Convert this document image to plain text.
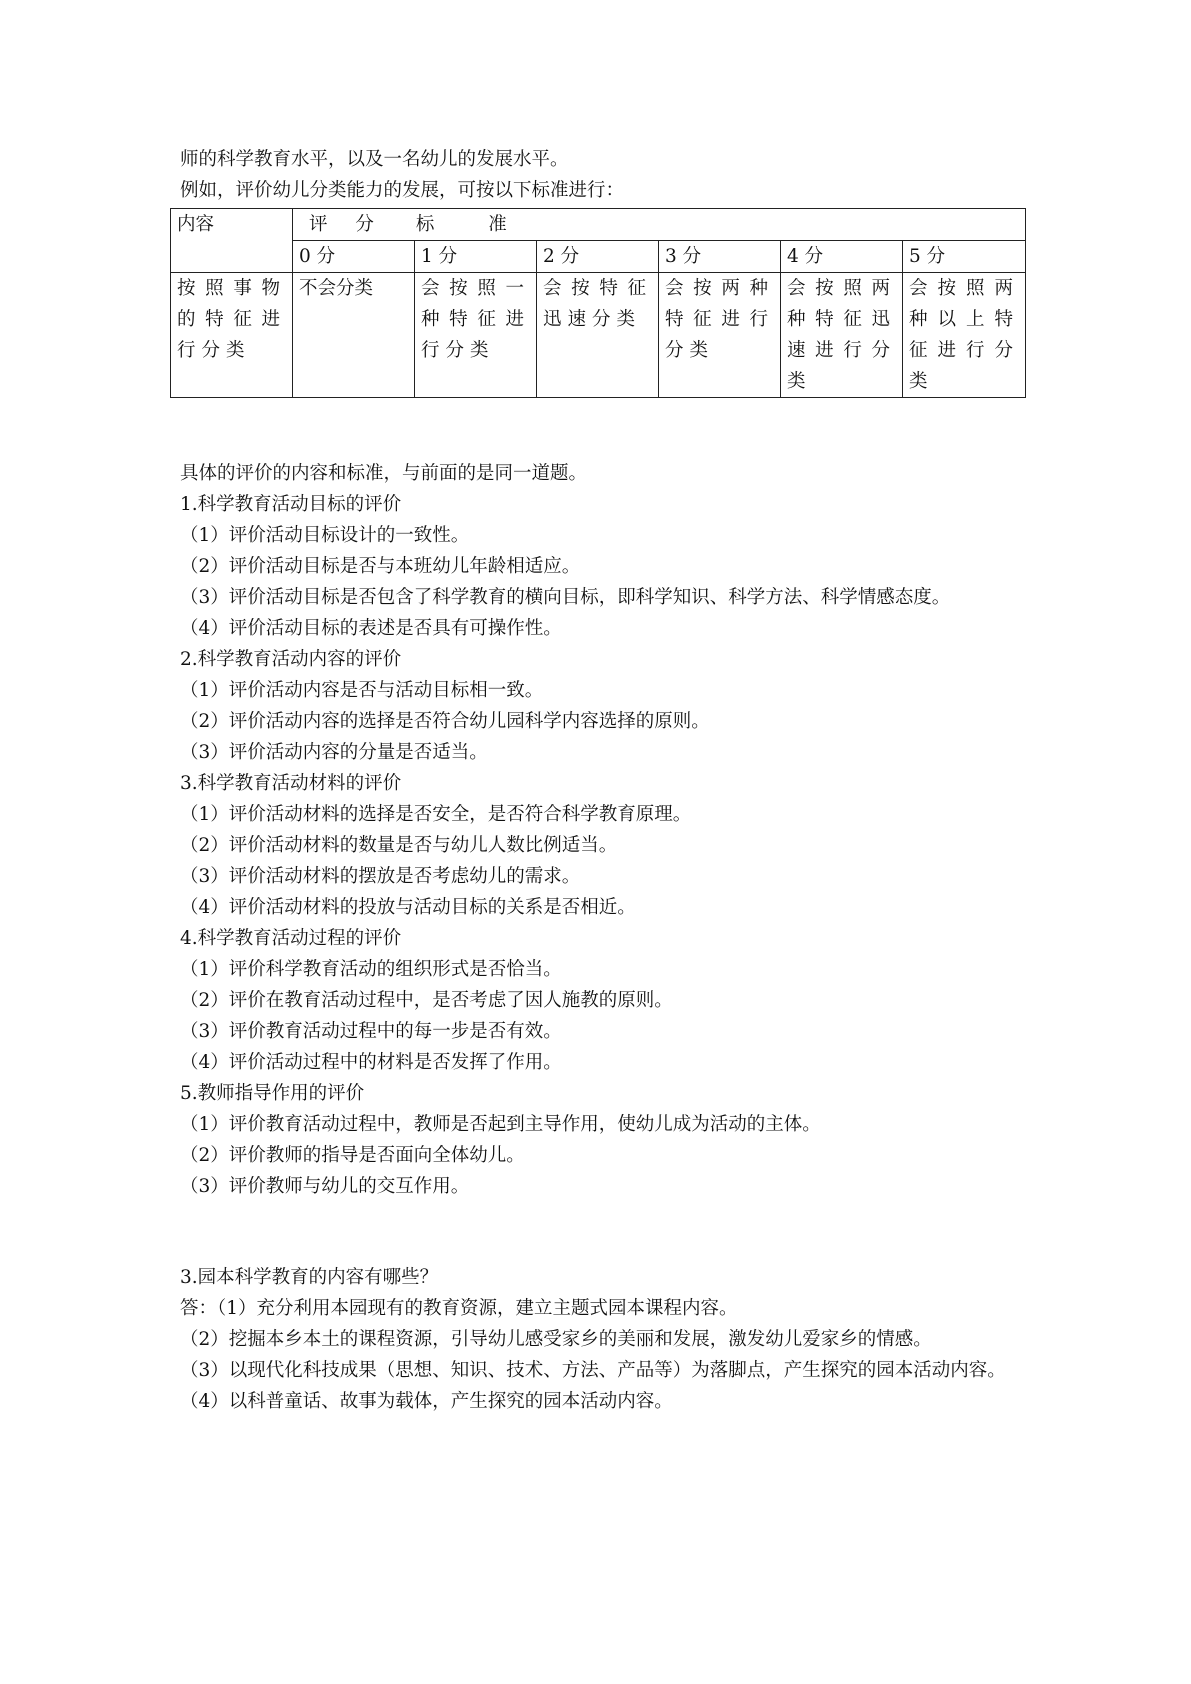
师的科学教育水平，以及一名幼儿的发展水平。
例如，评价幼儿分类能力的发展，可按以下标准进行：
内容	评 分 标 准					
	0 分	1 分	2 分	3 分	4 分	5 分
按照事物的特征进行分类	不会分类	会按照一种特征进行分类	会按特征迅速分类	会按两种特征进行分类	会按照两种特征迅速进行分类	会按照两种以上特征进行分类
具体的评价的内容和标准，与前面的是同一道题。
1.科学教育活动目标的评价
（1）评价活动目标设计的一致性。
（2）评价活动目标是否与本班幼儿年龄相适应。
（3）评价活动目标是否包含了科学教育的横向目标，即科学知识、科学方法、科学情感态度。
（4）评价活动目标的表述是否具有可操作性。
2.科学教育活动内容的评价
（1）评价活动内容是否与活动目标相一致。
（2）评价活动内容的选择是否符合幼儿园科学内容选择的原则。
（3）评价活动内容的分量是否适当。
3.科学教育活动材料的评价
（1）评价活动材料的选择是否安全，是否符合科学教育原理。
（2）评价活动材料的数量是否与幼儿人数比例适当。
（3）评价活动材料的摆放是否考虑幼儿的需求。
（4）评价活动材料的投放与活动目标的关系是否相近。
4.科学教育活动过程的评价
（1）评价科学教育活动的组织形式是否恰当。
（2）评价在教育活动过程中，是否考虑了因人施教的原则。
（3）评价教育活动过程中的每一步是否有效。
（4）评价活动过程中的材料是否发挥了作用。
5.教师指导作用的评价
（1）评价教育活动过程中，教师是否起到主导作用，使幼儿成为活动的主体。
（2）评价教师的指导是否面向全体幼儿。
（3）评价教师与幼儿的交互作用。
3.园本科学教育的内容有哪些？
答：（1）充分利用本园现有的教育资源，建立主题式园本课程内容。
（2）挖掘本乡本土的课程资源，引导幼儿感受家乡的美丽和发展，激发幼儿爱家乡的情感。
（3）以现代化科技成果（思想、知识、技术、方法、产品等）为落脚点，产生探究的园本活动内容。
（4）以科普童话、故事为载体，产生探究的园本活动内容。
